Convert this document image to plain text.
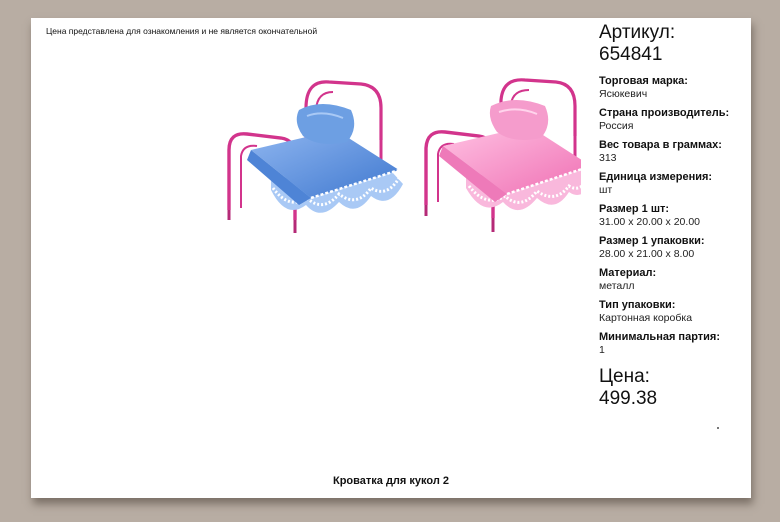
Цена представлена для ознакомления и не является окончательной	Артикул:
654841
Торговая марка:
Ясюкевич
Страна производитель:
Россия
Вес товара в граммах:
313
Единица измерения:
шт
Размер 1 шт:
31.00 x 20.00 x 20.00
Размер 1 упаковки:
28.00 x 21.00 x 8.00
Материал:
металл
Тип упаковки:
Картонная коробка
Минимальная партия:
1
Цена:
499.38
Кроватка для кукол 2
